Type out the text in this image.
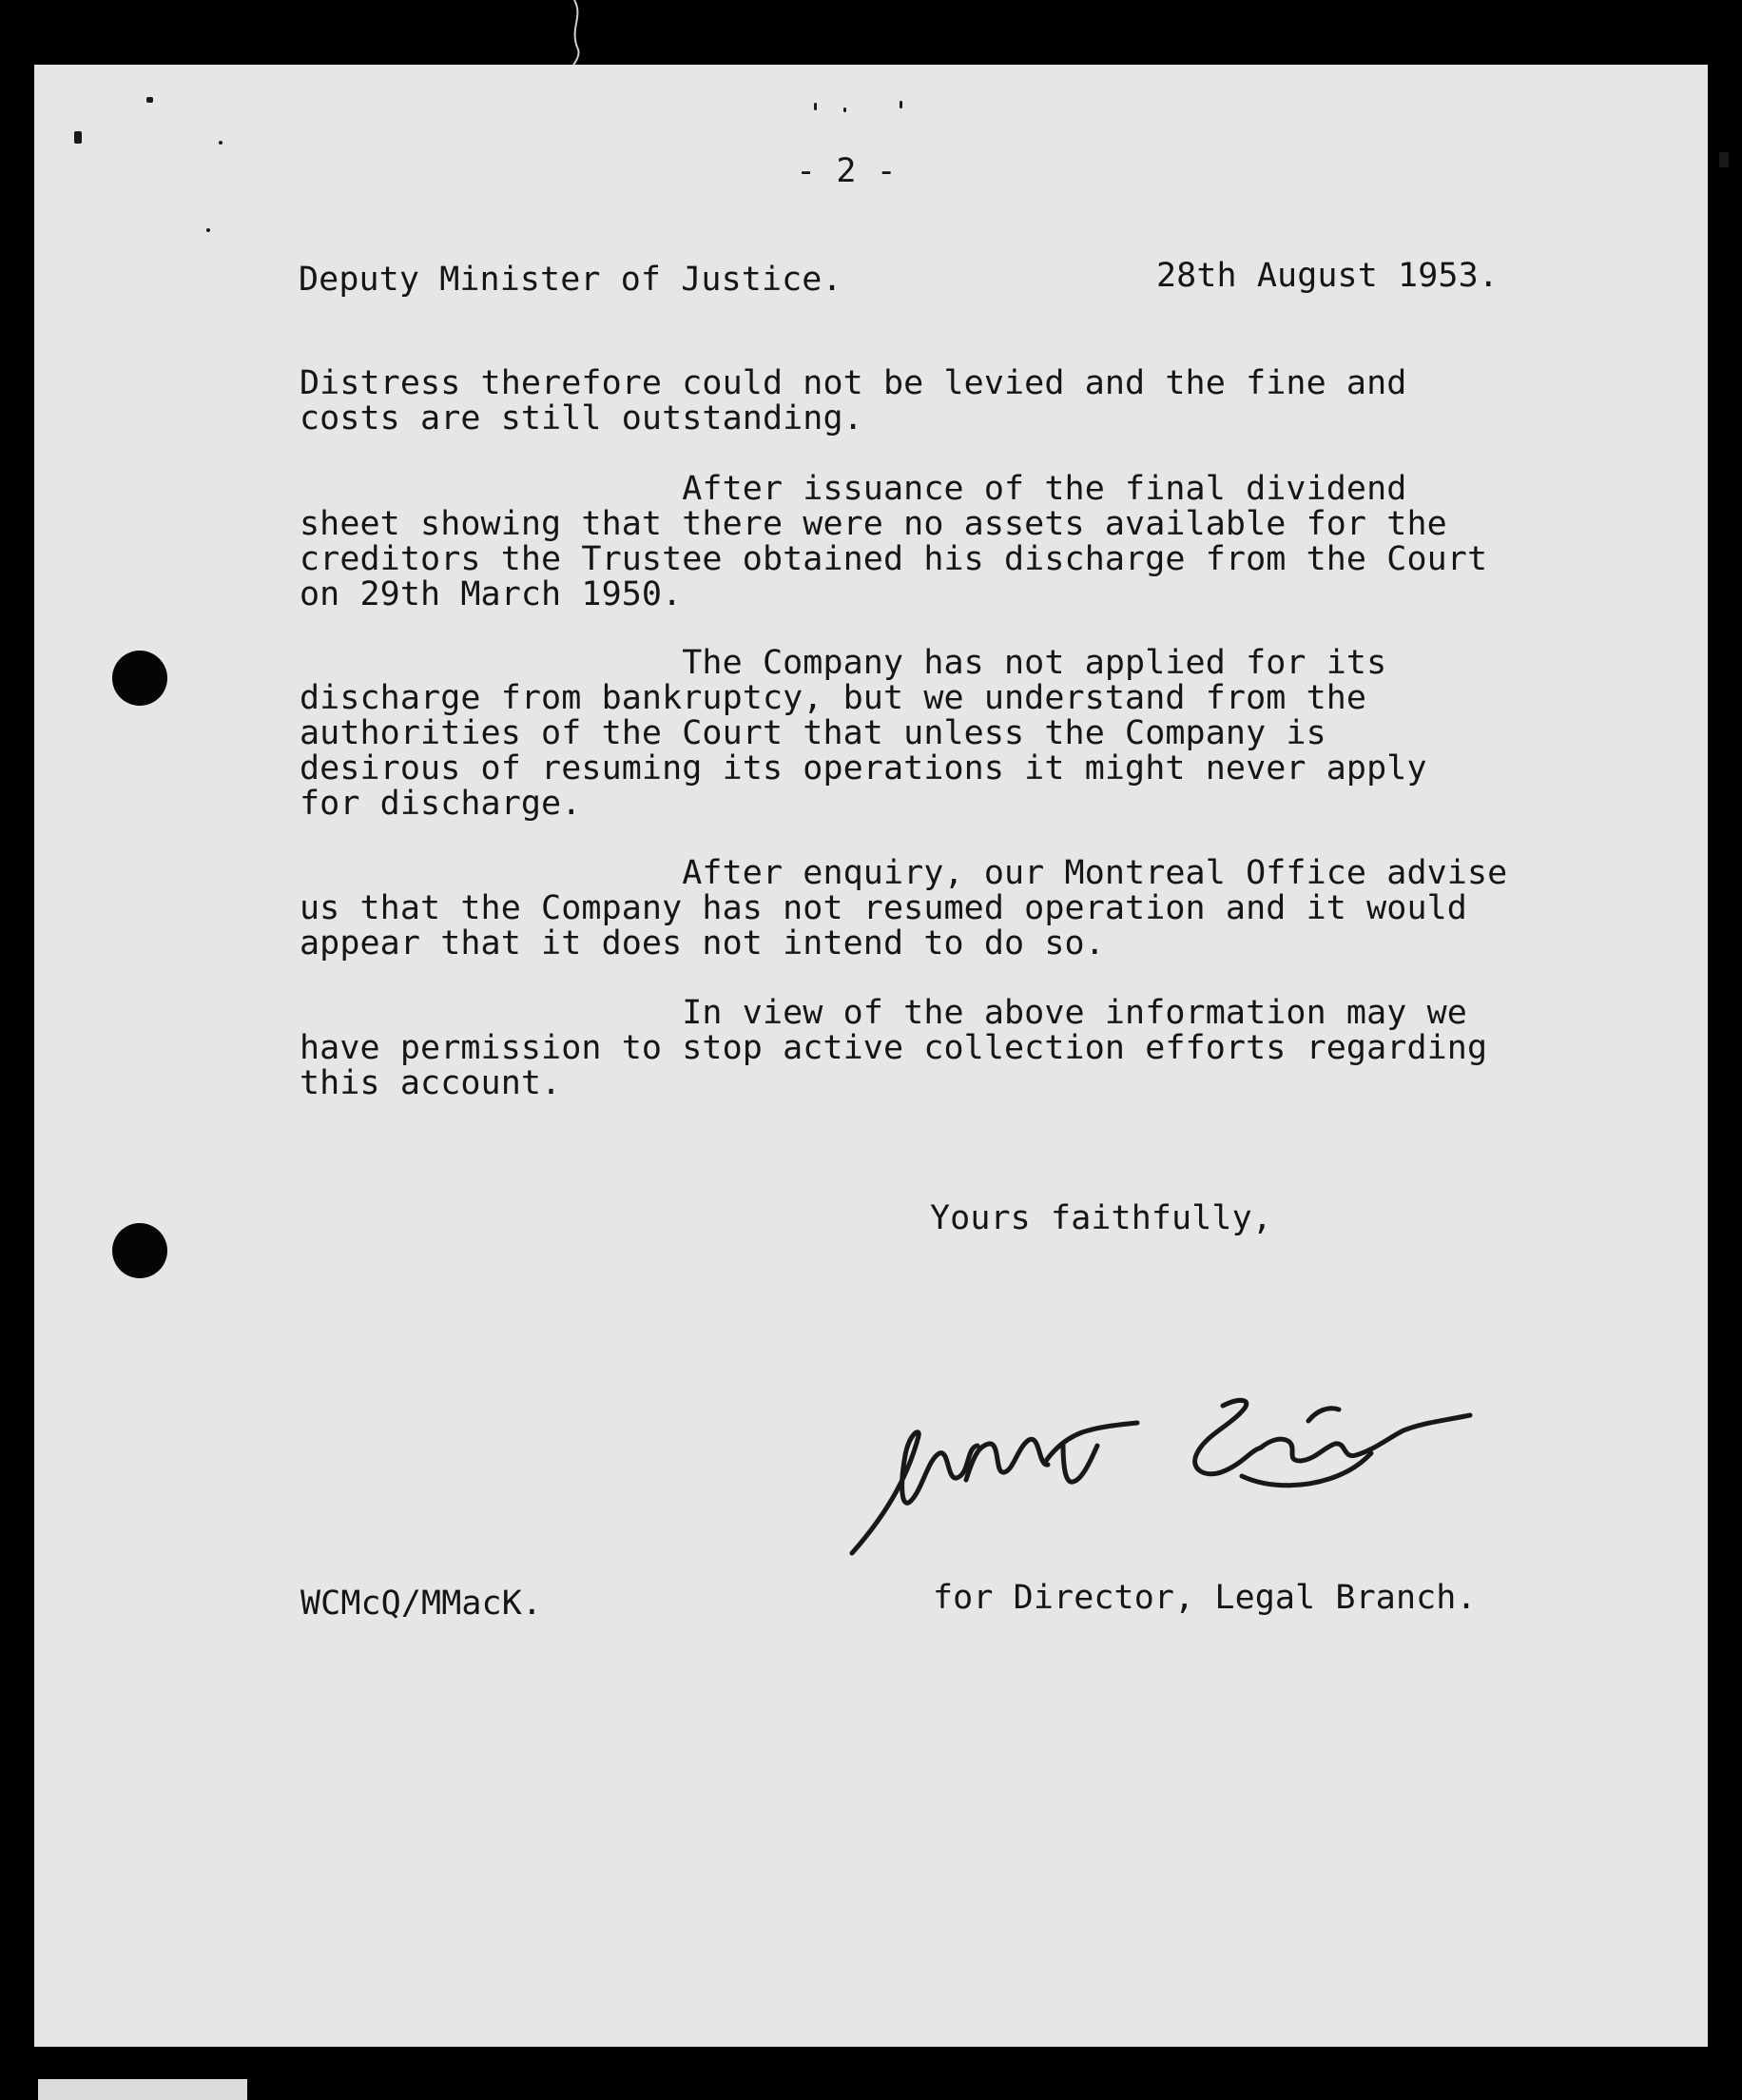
- 2 -

Deputy Minister of Justice.	28th August 1953.

Distress therefore could not be levied and the fine and
costs are still outstanding.
After issuance of the final dividend
sheet showing that there were no assets available for the
creditors the Trustee obtained his discharge from the Court
on 29th March 1950.
The Company has not applied for its
discharge from bankruptcy, but we understand from the
authorities of the Court that unless the Company is
desirous of resuming its operations it might never apply
for discharge.
After enquiry, our Montreal Office advise
us that the Company has not resumed operation and it would
appear that it does not intend to do so.
In view of the above information may we
have permission to stop active collection efforts regarding
this account.

Yours faithfully,

WCMcQ/MMacK.	for Director, Legal Branch.
